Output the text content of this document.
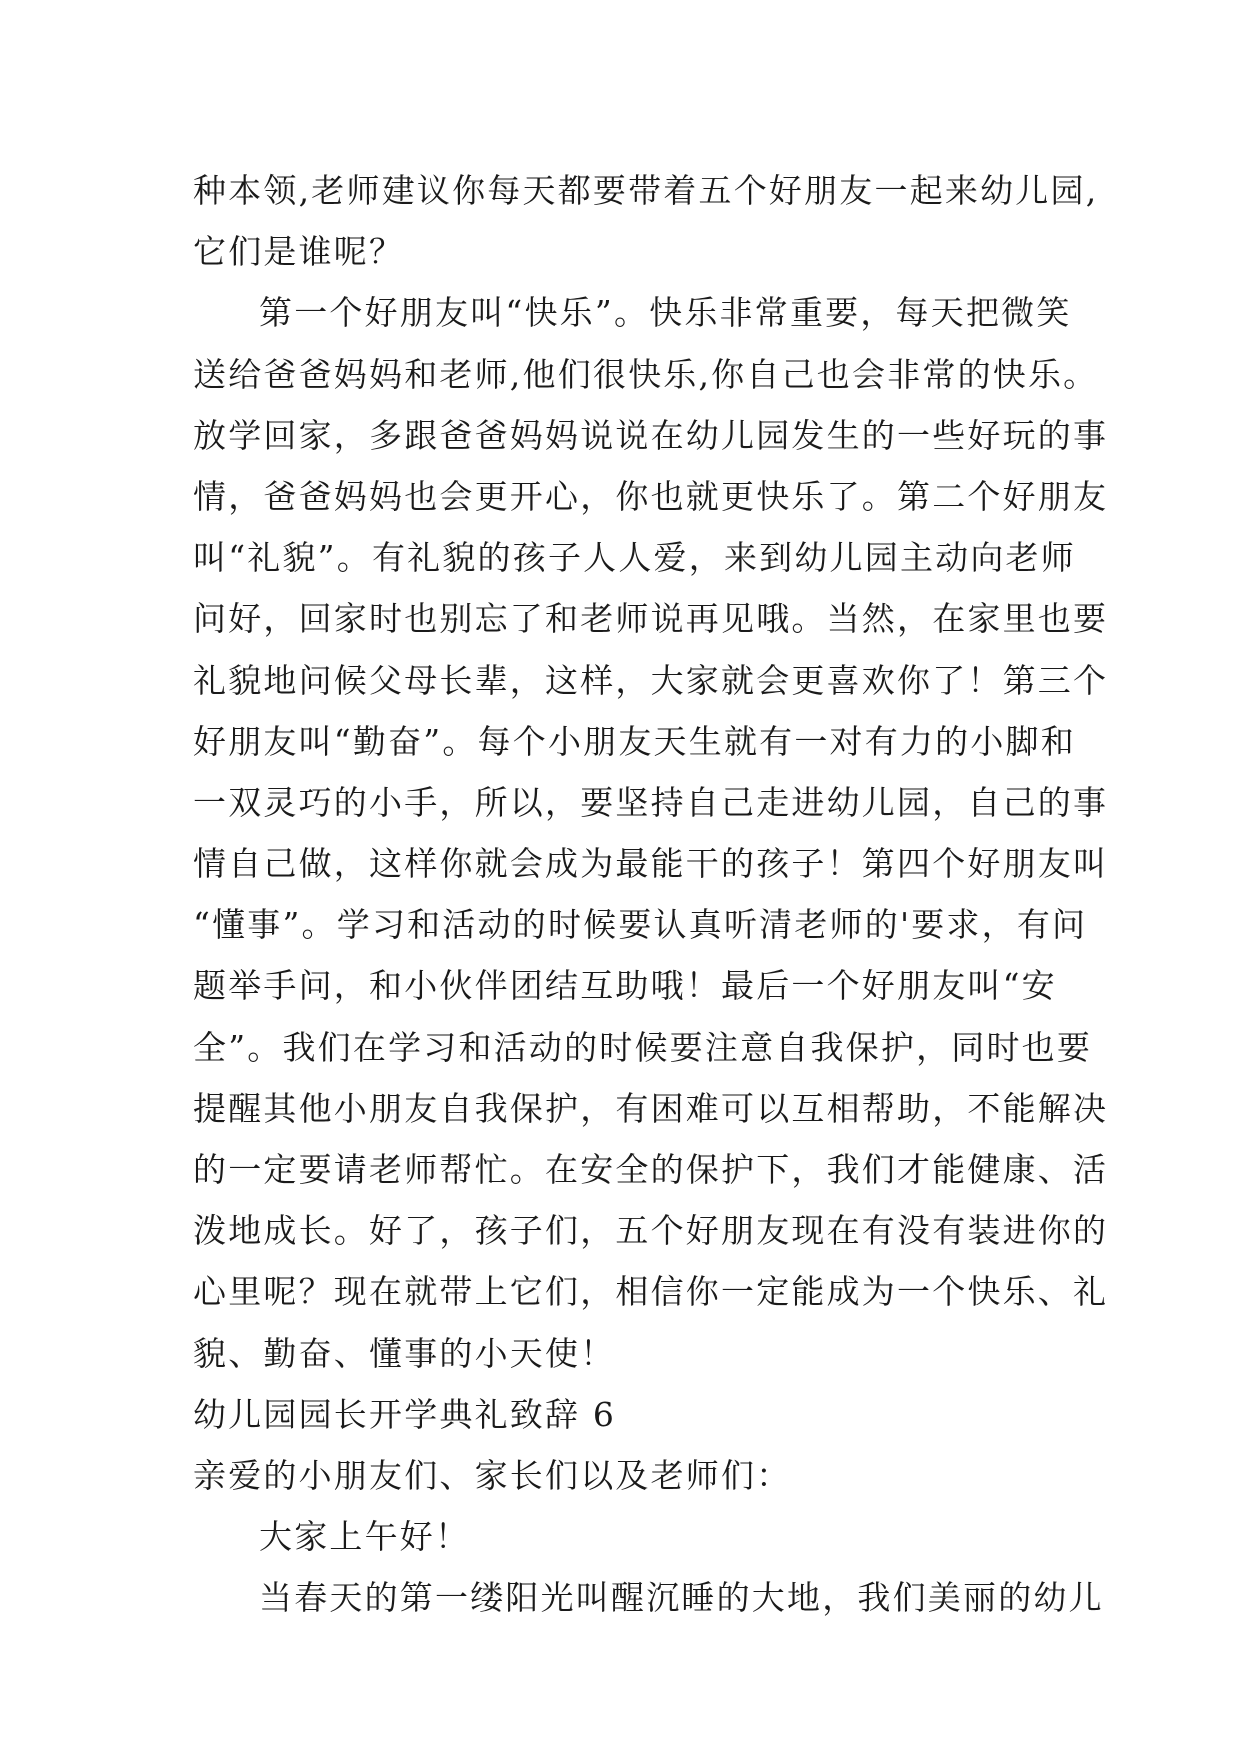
种本领,老师建议你每天都要带着五个好朋友一起来幼儿园,
它们是谁呢？
第一个好朋友叫“快乐”。快乐非常重要，每天把微笑
送给爸爸妈妈和老师,他们很快乐,你自己也会非常的快乐。
放学回家，多跟爸爸妈妈说说在幼儿园发生的一些好玩的事
情，爸爸妈妈也会更开心，你也就更快乐了。第二个好朋友
叫“礼貌”。有礼貌的孩子人人爱，来到幼儿园主动向老师
问好，回家时也别忘了和老师说再见哦。当然，在家里也要
礼貌地问候父母长辈，这样，大家就会更喜欢你了！第三个
好朋友叫“勤奋”。每个小朋友天生就有一对有力的小脚和
一双灵巧的小手，所以，要坚持自己走进幼儿园，自己的事
情自己做，这样你就会成为最能干的孩子！第四个好朋友叫
“懂事”。学习和活动的时候要认真听清老师的'要求，有问
题举手问，和小伙伴团结互助哦！最后一个好朋友叫“安
全”。我们在学习和活动的时候要注意自我保护，同时也要
提醒其他小朋友自我保护，有困难可以互相帮助，不能解决
的一定要请老师帮忙。在安全的保护下，我们才能健康、活
泼地成长。好了，孩子们，五个好朋友现在有没有装进你的
心里呢？现在就带上它们，相信你一定能成为一个快乐、礼
貌、勤奋、懂事的小天使！
幼儿园园长开学典礼致辞 6
亲爱的小朋友们、家长们以及老师们：
大家上午好！
当春天的第一缕阳光叫醒沉睡的大地，我们美丽的幼儿
